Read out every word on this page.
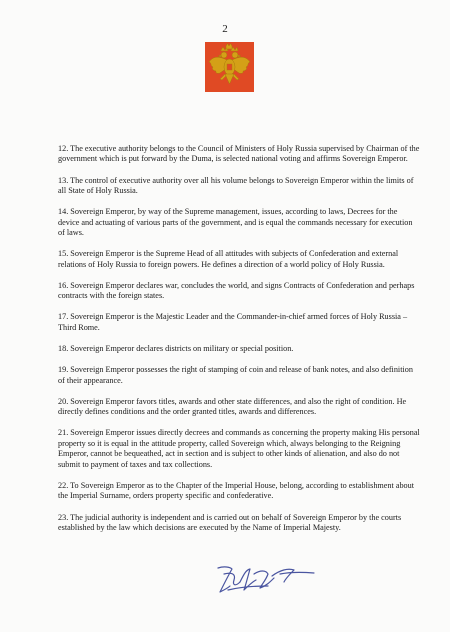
2

12. The executive authority belongs to the Council of Ministers of Holy Russia supervised by Chairman of the government which is put forward by the Duma, is selected national voting and affirms Sovereign Emperor.

13. The control of executive authority over all his volume belongs to Sovereign Emperor within the limits of all State of Holy Russia.

14. Sovereign Emperor, by way of the Supreme management, issues, according to laws, Decrees for the device and actuating of various parts of the government, and is equal the commands necessary for execution of laws.

15. Sovereign Emperor is the Supreme Head of all attitudes with subjects of Confederation and external relations of Holy Russia to foreign powers. He defines a direction of a world policy of Holy Russia.

16. Sovereign Emperor declares war, concludes the world, and signs Contracts of Confederation and perhaps contracts with the foreign states.

17. Sovereign Emperor is the Majestic Leader and the Commander-in-chief armed forces of Holy Russia – Third Rome.

18. Sovereign Emperor declares districts on military or special position.

19. Sovereign Emperor possesses the right of stamping of coin and release of bank notes, and also definition of their appearance.

20. Sovereign Emperor favors titles, awards and other state differences, and also the right of condition. He directly defines conditions and the order granted titles, awards and differences.

21. Sovereign Emperor issues directly decrees and commands as concerning the property making His personal property so it is equal in the attitude property, called Sovereign which, always belonging to the Reigning Emperor, cannot be bequeathed, act in section and is subject to other kinds of alienation, and also do not submit to payment of taxes and tax collections.

22. To Sovereign Emperor as to the Chapter of the Imperial House, belong, according to establishment about the Imperial Surname, orders property specific and confederative.

23. The judicial authority is independent and is carried out on behalf of Sovereign Emperor by the courts established by the law which decisions are executed by the Name of Imperial Majesty.
